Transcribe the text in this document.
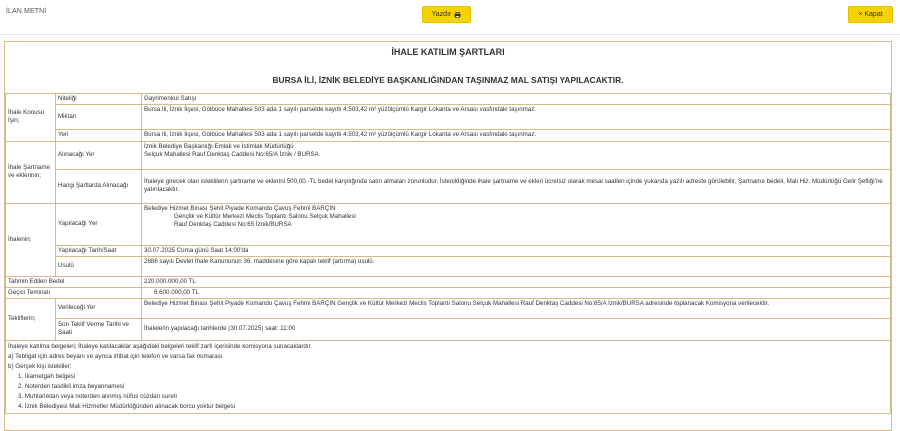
İLAN METNİ	Yazdır	× Kapat
İHALE KATILIM ŞARTLARI
BURSA İLİ, İZNİK BELEDİYE BAŞKANLIĞINDAN TAŞINMAZ MAL SATIŞI YAPILACAKTIR.		

İhale Konusu İşin;	Niteliği	Gayrimenkul Satışı
	Miktarı	Bursa Ili, İznik İlçesi, Gölbüce Mahallesi 503 ada 1 sayılı parselde kayıtlı 4.503,42 m² yüzölçümlü Kargir Lokanta ve Arsası vasfındaki taşınmaz.
	Yeri	Bursa Ili, İznik İlçesi, Gölbüce Mahallesi 503 ada 1 sayılı parselde kayıtlı 4.503,42 m² yüzölçümlü Kargir Lokanta ve Arsası vasfındaki taşınmaz.
İhale Şartname ve eklerinin;	Alınacağı Yer	İznik Belediye Başkanlığı Emlak ve İstimlak Müdürlüğü
Selçuk Mahallesi Rauf Denktaş Caddesi No:65/A İznik / BURSA

	Hangi Şartlarda Alınacağı	İhaleye girecek olan isteklilerin şartname ve eklerini 500,00.-TL bedel karşılığında satın almaları zorunludur. İstenildiğinde ihale şartname ve ekleri ücretsiz olarak mesai saatleri içinde yukarıda yazılı adreste görülebilir. Şartname bedeli, Mali Hiz. Müdürlüğü Gelir Şefliği'ne yatırılacaktır.
İhalenin;	Yapılacağı Yer	Belediye Hizmet Binası Şehit Piyade Komando Çavuş Fehmi BARÇIN
Gençlik ve Kültür Merkezi Meclis Toplantı Salonu Selçuk Mahallesi
Rauf Denktaş Caddesi No:65 İznik/BURSA

	Yapılacağı Tarih/Saat	30.07.2025 Cuma günü Saat 14:00'da
	Usulü	2886 sayılı Devlet İhale Kanununun 36. maddesine göre kapalı teklif (artırma) usulü.
Tahmin Edilen Bedel		220.000.000,00 TL
Geçici Teminatı		6.600.000,00 TL
Tekliflerin;	Verileceği Yer	Belediye Hizmet Binası Şehit Piyade Komando Çavuş Fehmi BARÇIN Gençlik ve Kültür Merkezi Meclis Toplantı Salonu Selçuk Mahallesi Rauf Denktaş Caddesi No:65/A İznik/BURSA adresinde toplanacak Komisyona verilecektir.
	Son Teklif Verme Tarihi ve Saati	İhalelerin yapılacağı tarihlerde (30.07.2025) saat: 11:00
İhaleye katılma belgeleri; İhaleye katılacaklar aşağıdaki belgeleri teklif zarfı içerisinde komisyona sunacaklardır.
a) Tebligat için adres beyanı ve ayrıca irtibat için telefon ve varsa fax numarası
b) Gerçek kişi istekliler;
1. İkametgah belgesi
2. Noterden tasdikli imza beyannamesi
3. Muhtarlıktan veya noterden alınmış nüfus cüzdan sureti
4. İznik Belediyesi Mali Hizmetler Müdürlüğünden alınacak borcu yoktur belgesi
